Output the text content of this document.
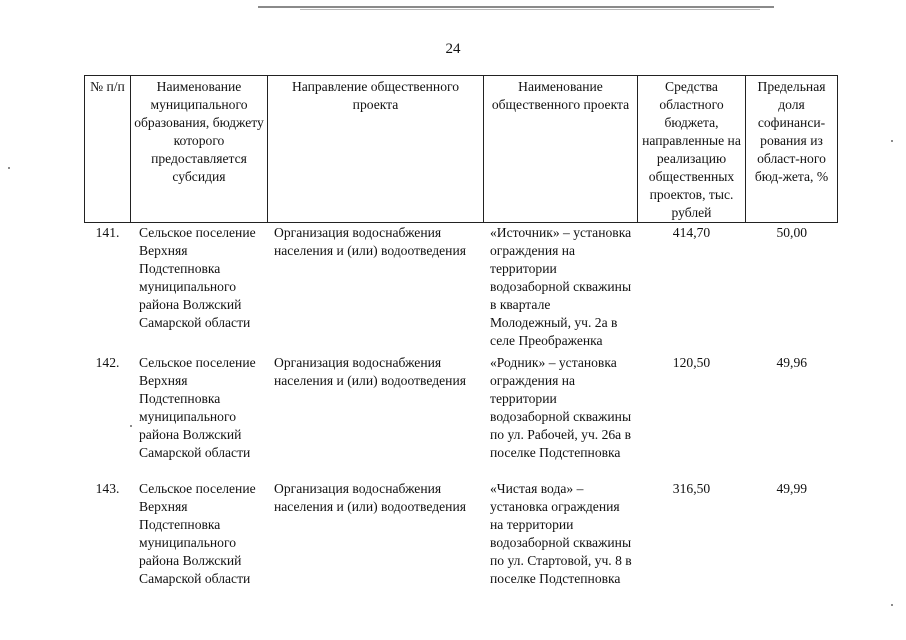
24
№ п/п	Наименование муниципального образования, бюджету которого предоставляется субсидия	Направление общественного проекта	Наименование общественного проекта	Средства областного бюджета, направленные на реализацию общественных проектов, тыс. рублей	Предельная доля софинанси-рования из област-ного бюд-жета, %
141.	Сельское поселение Верхняя Подстепновка муниципального района Волжский Самарской области	Организация водоснабжения населения и (или) водоотведения	«Источник» – установка ограждения на территории водозаборной скважины в квартале Молодежный, уч. 2а в селе Преображенка	414,70	50,00
142.	Сельское поселение Верхняя Подстепновка муниципального района Волжский Самарской области	Организация водоснабжения населения и (или) водоотведения	«Родник» – установка ограждения на территории водозаборной скважины по ул. Рабочей, уч. 26а в поселке Подстепновка	120,50	49,96
143.	Сельское поселение Верхняя Подстепновка муниципального района Волжский Самарской области	Организация водоснабжения населения и (или) водоотведения	«Чистая вода» – установка ограждения на территории водозаборной скважины по ул. Стартовой, уч. 8 в поселке Подстепновка	316,50	49,99
